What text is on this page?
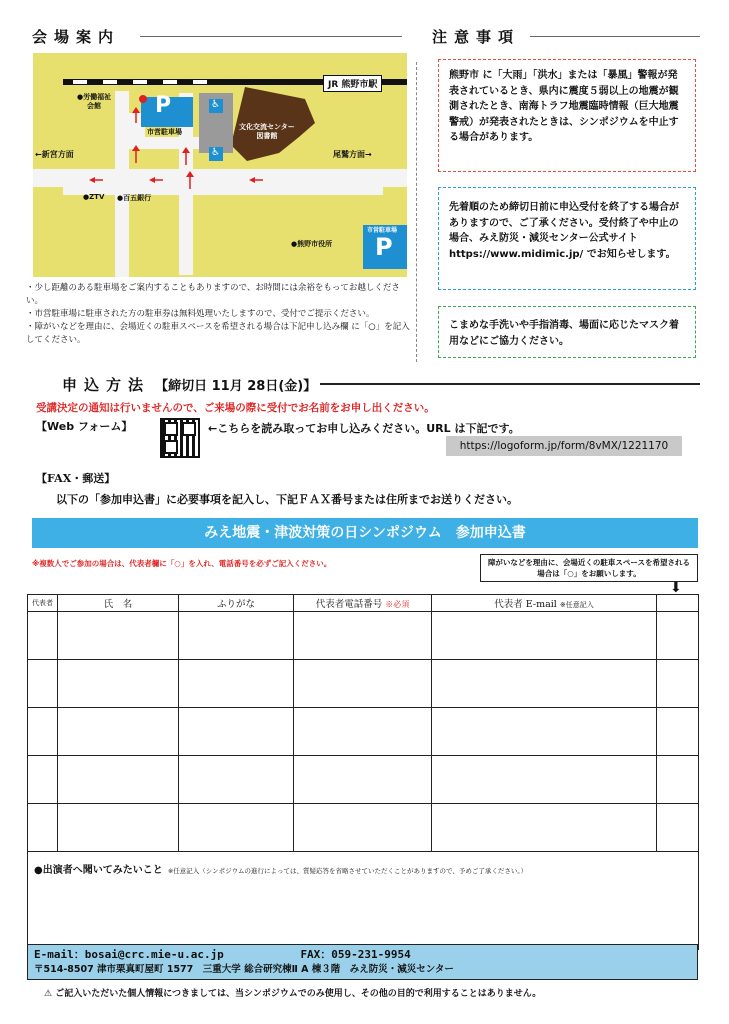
会場案内
JR 熊野市駅
●労働福祉
会館	P
市営駐車場
♿
♿
文化交流センター
図書館
←新宮方面	尾鷲方面→
●ZTV ●百五銀行
●熊野市役所
市営駐車場
P
・少し距離のある駐車場をご案内することもありますので、お時間には余裕をもってお越しください。
・市営駐車場に駐車された方の駐車券は無料処理いたしますので、受付でご提示ください。
・障がいなどを理由に、会場近くの駐車スペースを希望される場合は下記申し込み欄 に「○」を記入してください。
注意事項
熊野市 に「大雨」「洪水」または「暴風」警報が発表されているとき、県内に震度５弱以上の地震が観測されたとき、南海トラフ地震臨時情報（巨大地震警戒）が発表されたときは、シンポジウムを中止する場合があります。
先着順のため締切日前に申込受付を終了する場合がありますので、ご了承ください。受付終了や中止の場合、みえ防災・減災センター公式サイト https://www.midimic.jp/ でお知らせします。
こまめな手洗いや手指消毒、場面に応じたマスク着用などにご協力ください。
申込方法 【締切日 11月 28日(金)】
受講決定の通知は行いませんので、ご来場の際に受付でお名前をお申し出ください。
【Web フォーム】	←こちらを読み取ってお申し込みください。URL は下記です。
https://logoform.jp/form/8vMX/1221170
【FAX・郵送】
以下の「参加申込書」に必要事項を記入し、下記ＦＡＸ番号または住所までお送りください。
みえ地震・津波対策の日シンポジウム　参加申込書
※複数人でご参加の場合は、代表者欄に「○」を入れ、電話番号を必ずご記入ください。	障がいなどを理由に、会場近くの駐車スペースを希望される場合は「○」をお願いします。
⬇
代表者	氏　名	ふりがな	代表者電話番号 ※必須	代表者 E-mail ※任意記入	

●出演者へ聞いてみたいこと ※任意記入（シンポジウムの進行によっては、質疑応答を省略させていただくことがありますので、予めご了承ください。）					
E-mail：bosai@crc.mie-u.ac.jp	FAX：059-231-9954
〒514-8507 津市栗真町屋町 1577　三重大学 総合研究棟Ⅱ A 棟３階　みえ防災・減災センター
⚠ ご記入いただいた個人情報につきましては、当シンポジウムでのみ使用し、その他の目的で利用することはありません。
